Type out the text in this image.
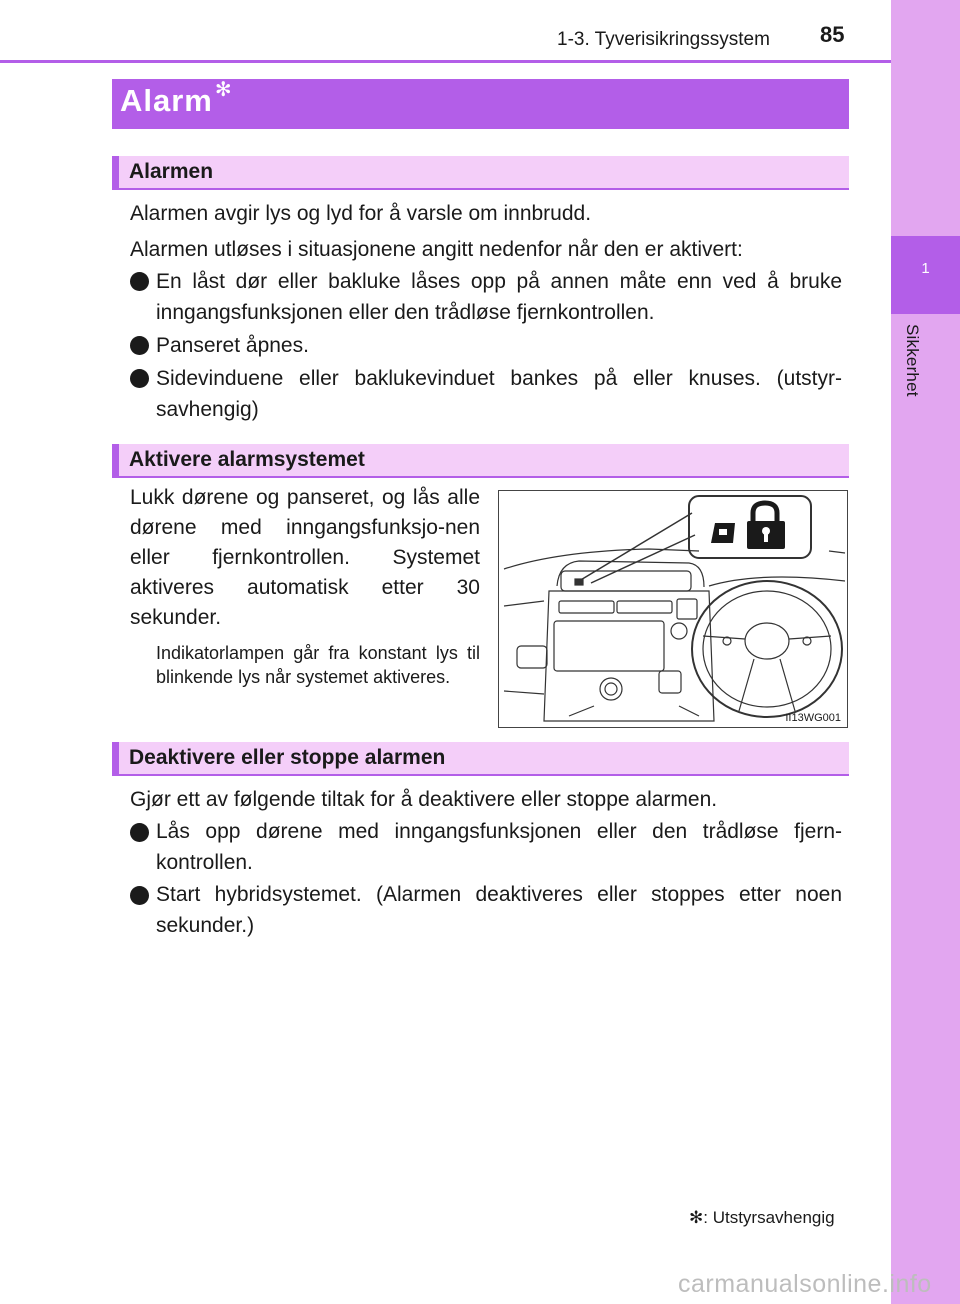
1
Sikkerhet
1-3. Tyverisikringssystem 85
Alarm ✻
Alarmen
Alarmen avgir lys og lyd for å varsle om innbrudd.
Alarmen utløses i situasjonene angitt nedenfor når den er aktivert:
En låst dør eller bakluke låses opp på annen måte enn ved å bruke inngangsfunksjonen eller den trådløse fjernkontrollen.
Panseret åpnes.
Sidevinduene eller baklukevinduet bankes på eller knuses. (utstyr-savhengig)
Aktivere alarmsystemet
Lukk dørene og panseret, og lås alle dørene med inngangsfunksjo-nen eller fjernkontrollen. Systemet aktiveres automatisk etter 30 sekunder.
Indikatorlampen går fra konstant lys til blinkende lys når systemet aktiveres.
II13WG001
Deaktivere eller stoppe alarmen
Gjør ett av følgende tiltak for å deaktivere eller stoppe alarmen.
Lås opp dørene med inngangsfunksjonen eller den trådløse fjern-kontrollen.
Start hybridsystemet. (Alarmen deaktiveres eller stoppes etter noen sekunder.)
✻: Utstyrsavhengig
carmanualsonline.info
